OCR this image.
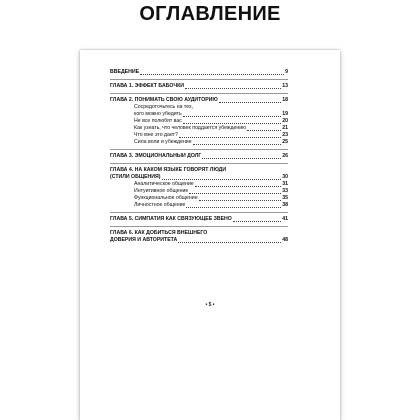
ОГЛАВЛЕНИЕ
ВВЕДЕНИЕ	9
ГЛАВА 1. ЭФФЕКТ БАБОЧКИ	13
ГЛАВА 2. ПОНИМАТЬ СВОЮ АУДИТОРИЮ	18
Сосредоточьтесь на тех,
кого можно убедить	19
Не все полюбят вас	20
Как узнать, что человек поддается убеждению	21
Что мне это дает?	23
Сила воли и убеждение	25
ГЛАВА 3. ЭМОЦИОНАЛЬНЫЙ ДОЛГ	26
ГЛАВА 4. НА КАКОМ ЯЗЫКЕ ГОВОРЯТ ЛЮДИ
(СТИЛИ ОБЩЕНИЯ)	30
Аналитическое общение	31
Интуитивное общение	33
Функциональное общение	35
Личностное общение	38
ГЛАВА 5. СИМПАТИЯ КАК СВЯЗУЮЩЕЕ ЗВЕНО	41
ГЛАВА 6. КАК ДОБИТЬСЯ ВНЕШНЕГО
ДОВЕРИЯ И АВТОРИТЕТА	48
• 5 •
